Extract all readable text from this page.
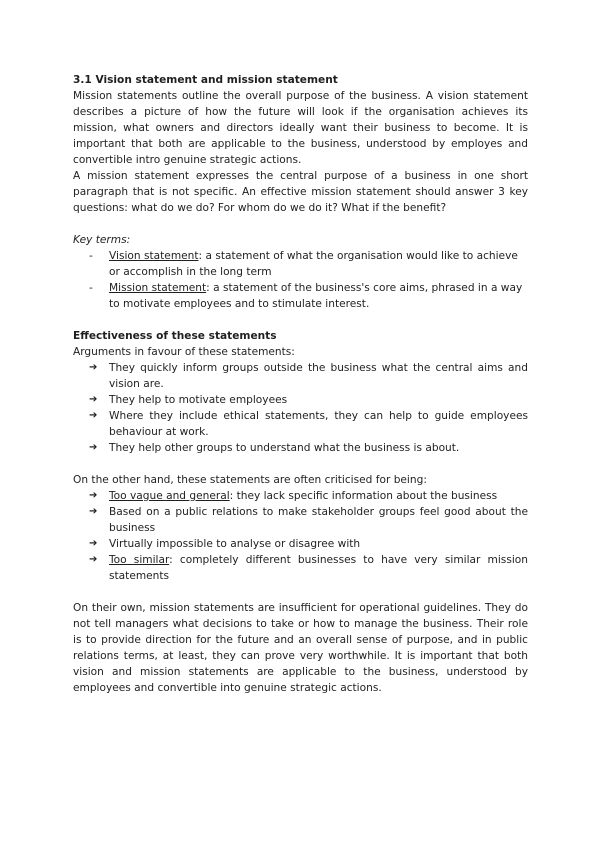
3.1 Vision statement and mission statement

Mission statements outline the overall purpose of the business. A vision statement describes a picture of how the future will look if the organisation achieves its mission, what owners and directors ideally want their business to become. It is important that both are applicable to the business, understood by employes and convertible intro genuine strategic actions.

A mission statement expresses the central purpose of a business in one short paragraph that is not specific. An effective mission statement should answer 3 key questions: what do we do? For whom do we do it? What if the benefit?

Key terms:

- Vision statement: a statement of what the organisation would like to achieve or accomplish in the long term
- Mission statement: a statement of the business's core aims, phrased in a way to motivate employees and to stimulate interest.

Effectiveness of these statements

Arguments in favour of these statements:

➔ They quickly inform groups outside the business what the central aims and vision are.
➔ They help to motivate employees
➔ Where they include ethical statements, they can help to guide employees behaviour at work.
➔ They help other groups to understand what the business is about.

On the other hand, these statements are often criticised for being:

➔ Too vague and general: they lack specific information about the business
➔ Based on a public relations to make stakeholder groups feel good about the business
➔ Virtually impossible to analyse or disagree with
➔ Too similar: completely different businesses to have very similar mission statements

On their own, mission statements are insufficient for operational guidelines. They do not tell managers what decisions to take or how to manage the business. Their role is to provide direction for the future and an overall sense of purpose, and in public relations terms, at least, they can prove very worthwhile. It is important that both vision and mission statements are applicable to the business, understood by employees and convertible into genuine strategic actions.
